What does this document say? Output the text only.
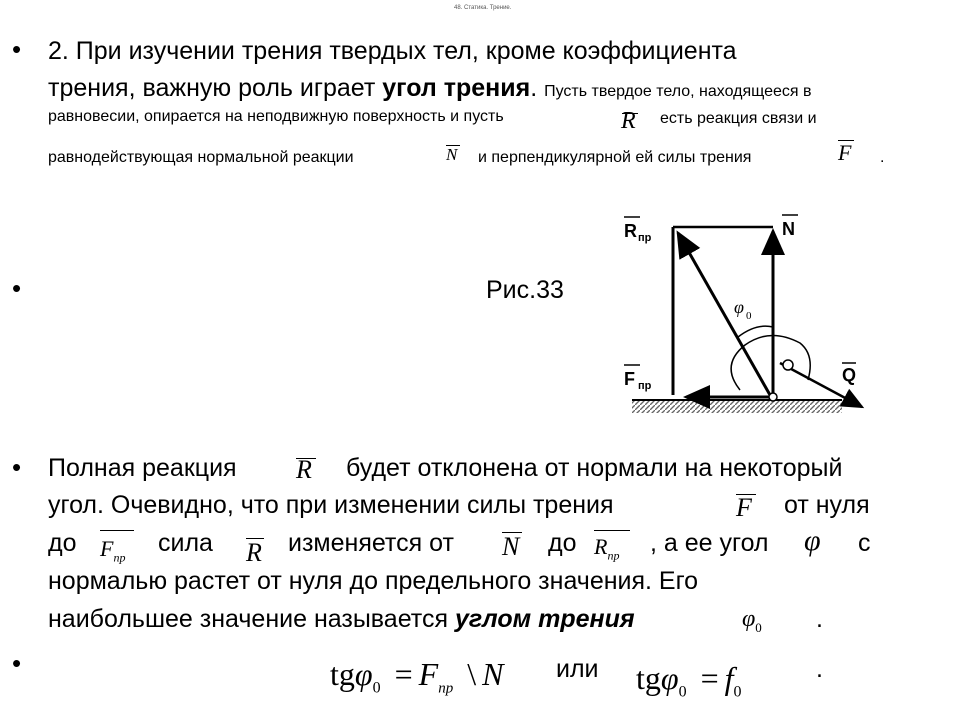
48. Статика. Трение.
• 2. При изучении трения твердых тел, кроме коэффициента
трения, важную роль играет угол трения. Пусть твердое тело, находящееся в
равновесии, опирается на неподвижную поверхность и пусть	R есть реакция связи и
равнодействующая нормальной реакции	N и перпендикулярной ей силы трения	F .
•	Рис.33
R пр	N
F пр
Q
φ 0
• Полная реакция R будет отклонена от нормали на некоторый
угол. Очевидно, что при изменении силы трения	F от нуля
до $F_{пр}$
сила R изменяется от N до $R_{пр}$ , а ее угол φ с
нормалью растет от нуля до предельного значения. Его
наибольшее значение называется углом трения	$\varphi_0$ .
•	$tg\varphi_0 = F_{пр}$ \ N или $tg\varphi_0 = f_0$
.
